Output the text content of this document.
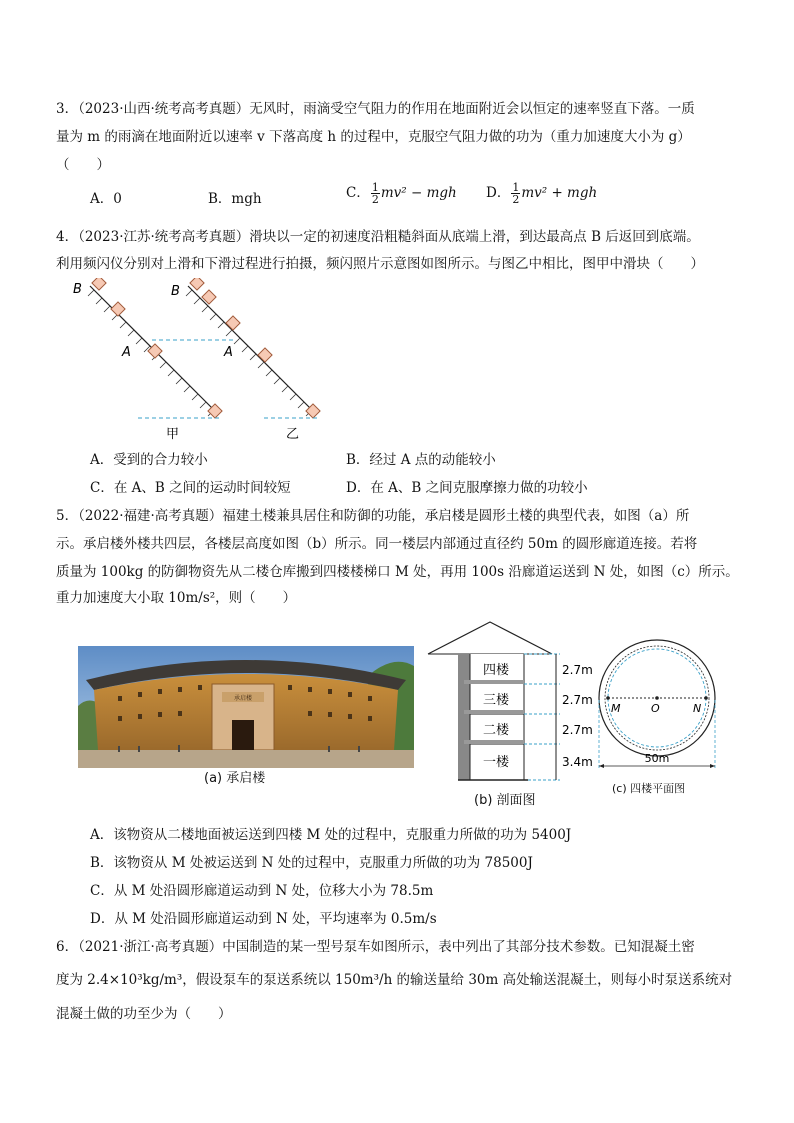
3．（2023·山西·统考高考真题）无风时，雨滴受空气阻力的作用在地面附近会以恒定的速率竖直下落。一质
量为 m 的雨滴在地面附近以速率 v 下落高度 h 的过程中，克服空气阻力做的功为（重力加速度大小为 g）
（　　）
A．0	B．mgh	C． $\frac{1}{2} mv^2$ − mgh D． $\frac{1}{2} mv^2$ + mgh
4．（2023·江苏·统考高考真题）滑块以一定的初速度沿粗糙斜面从底端上滑，到达最高点 B 后返回到底端。
利用频闪仪分别对上滑和下滑过程进行拍摄，频闪照片示意图如图所示。与图乙中相比，图甲中滑块（　　）
B	B
A	A
甲	乙
A．受到的合力较小	B．经过 A 点的动能较小
C．在 A、B 之间的运动时间较短	D．在 A、B 之间克服摩擦力做的功较小
5．（2022·福建·高考真题）福建土楼兼具居住和防御的功能，承启楼是圆形土楼的典型代表，如图（a）所
示。承启楼外楼共四层，各楼层高度如图（b）所示。同一楼层内部通过直径约 50m 的圆形廊道连接。若将
质量为 100kg 的防御物资先从二楼仓库搬到四楼楼梯口 M 处，再用 100s 沿廊道运送到 N 处，如图（c）所示。
重力加速度大小取 10m/s²，则（　　）
承启楼
(a) 承启楼
四楼
三楼
二楼
一楼
2.7m
2.7m
2.7m
3.4m
(b) 剖面图
M	O	N
50m
(c) 四楼平面图
A．该物资从二楼地面被运送到四楼 M 处的过程中，克服重力所做的功为 5400J
B．该物资从 M 处被运送到 N 处的过程中，克服重力所做的功为 78500J
C．从 M 处沿圆形廊道运动到 N 处，位移大小为 78.5m
D．从 M 处沿圆形廊道运动到 N 处，平均速率为 0.5m/s
6．（2021·浙江·高考真题）中国制造的某一型号泵车如图所示，表中列出了其部分技术参数。已知混凝土密
度为 2.4×10³kg/m³，假设泵车的泵送系统以 150m³/h 的输送量给 30m 高处输送混凝土，则每小时泵送系统对
混凝土做的功至少为（　　）
